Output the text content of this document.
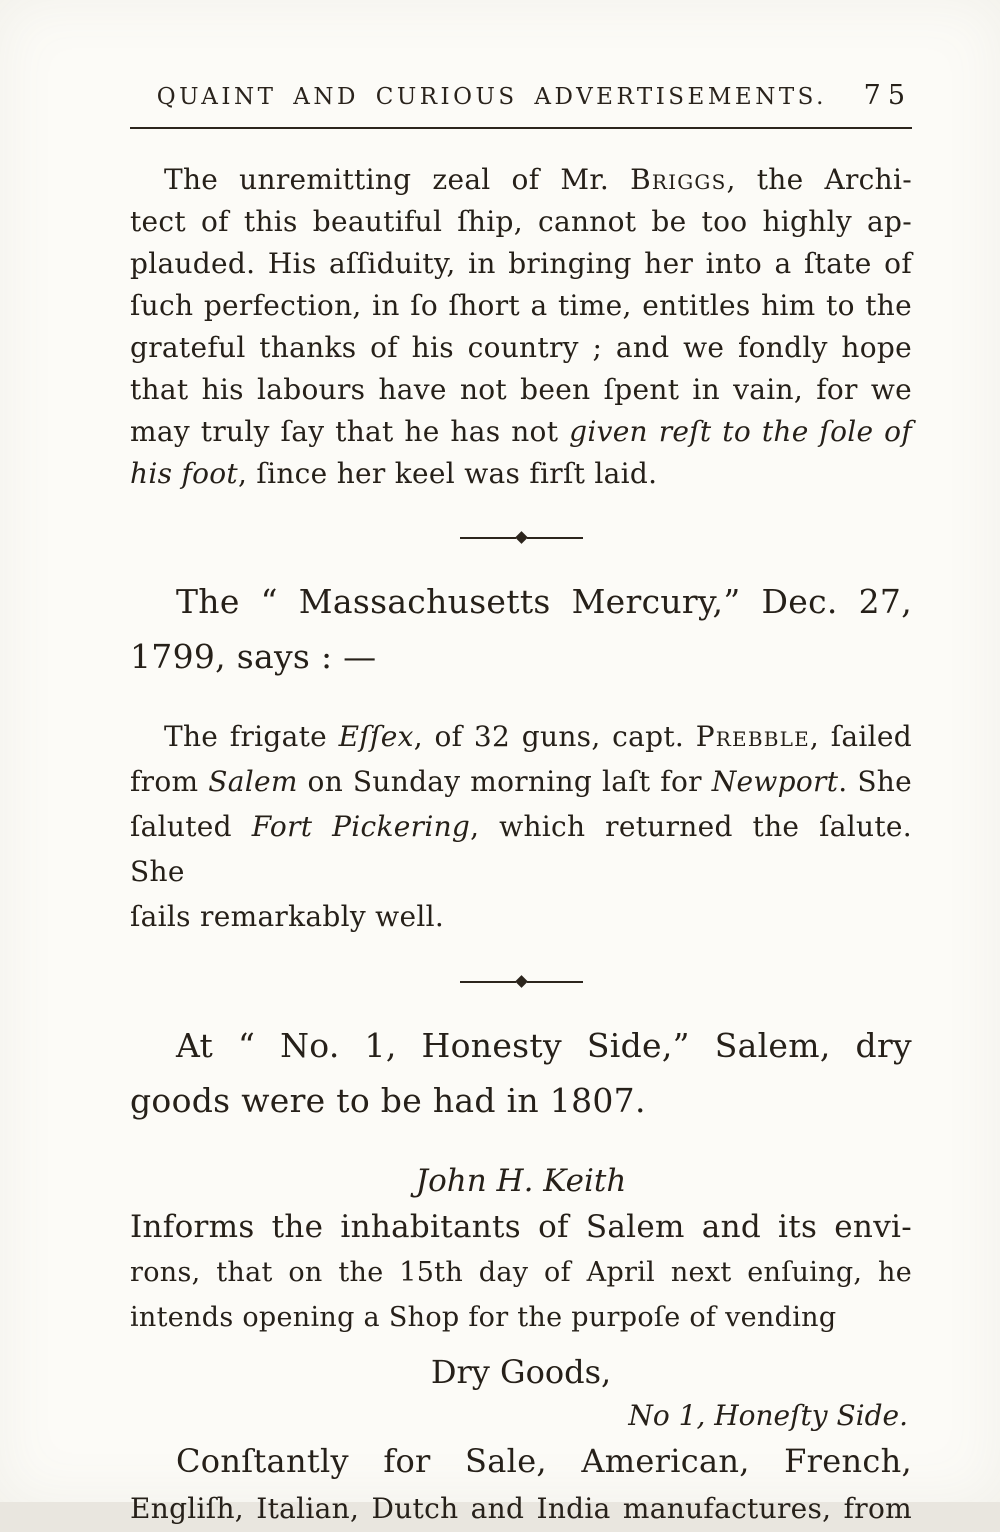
QUAINT AND CURIOUS ADVERTISEMENTS.	75
The unremitting zeal of Mr. Briggs, the Archi-
tect of this beautiful ſhip, cannot be too highly ap-
plauded. His aſſiduity, in bringing her into a ſtate of
ſuch perfection, in ſo ſhort a time, entitles him to the
grateful thanks of his country ; and we fondly hope
that his labours have not been ſpent in vain, for we
may truly ſay that he has not given reſt to the ſole of
his foot, ſince her keel was firſt laid.
The “ Massachusetts Mercury,” Dec. 27,
1799, says : —
The frigate Eſſex, of 32 guns, capt. Prebble, ſailed
from Salem on Sunday morning laſt for Newport. She
ſaluted Fort Pickering, which returned the ſalute. She
ſails remarkably well.
At “ No. 1, Honesty Side,” Salem, dry
goods were to be had in 1807.
John H. Keith
Informs the inhabitants of Salem and its envi-
rons, that on the 15th day of April next enſuing, he
intends opening a Shop for the purpoſe of vending
Dry Goods,
No 1, Honeſty Side.
Conſtantly for Sale, American, French,
Engliſh, Italian, Dutch and India manufactures, from
